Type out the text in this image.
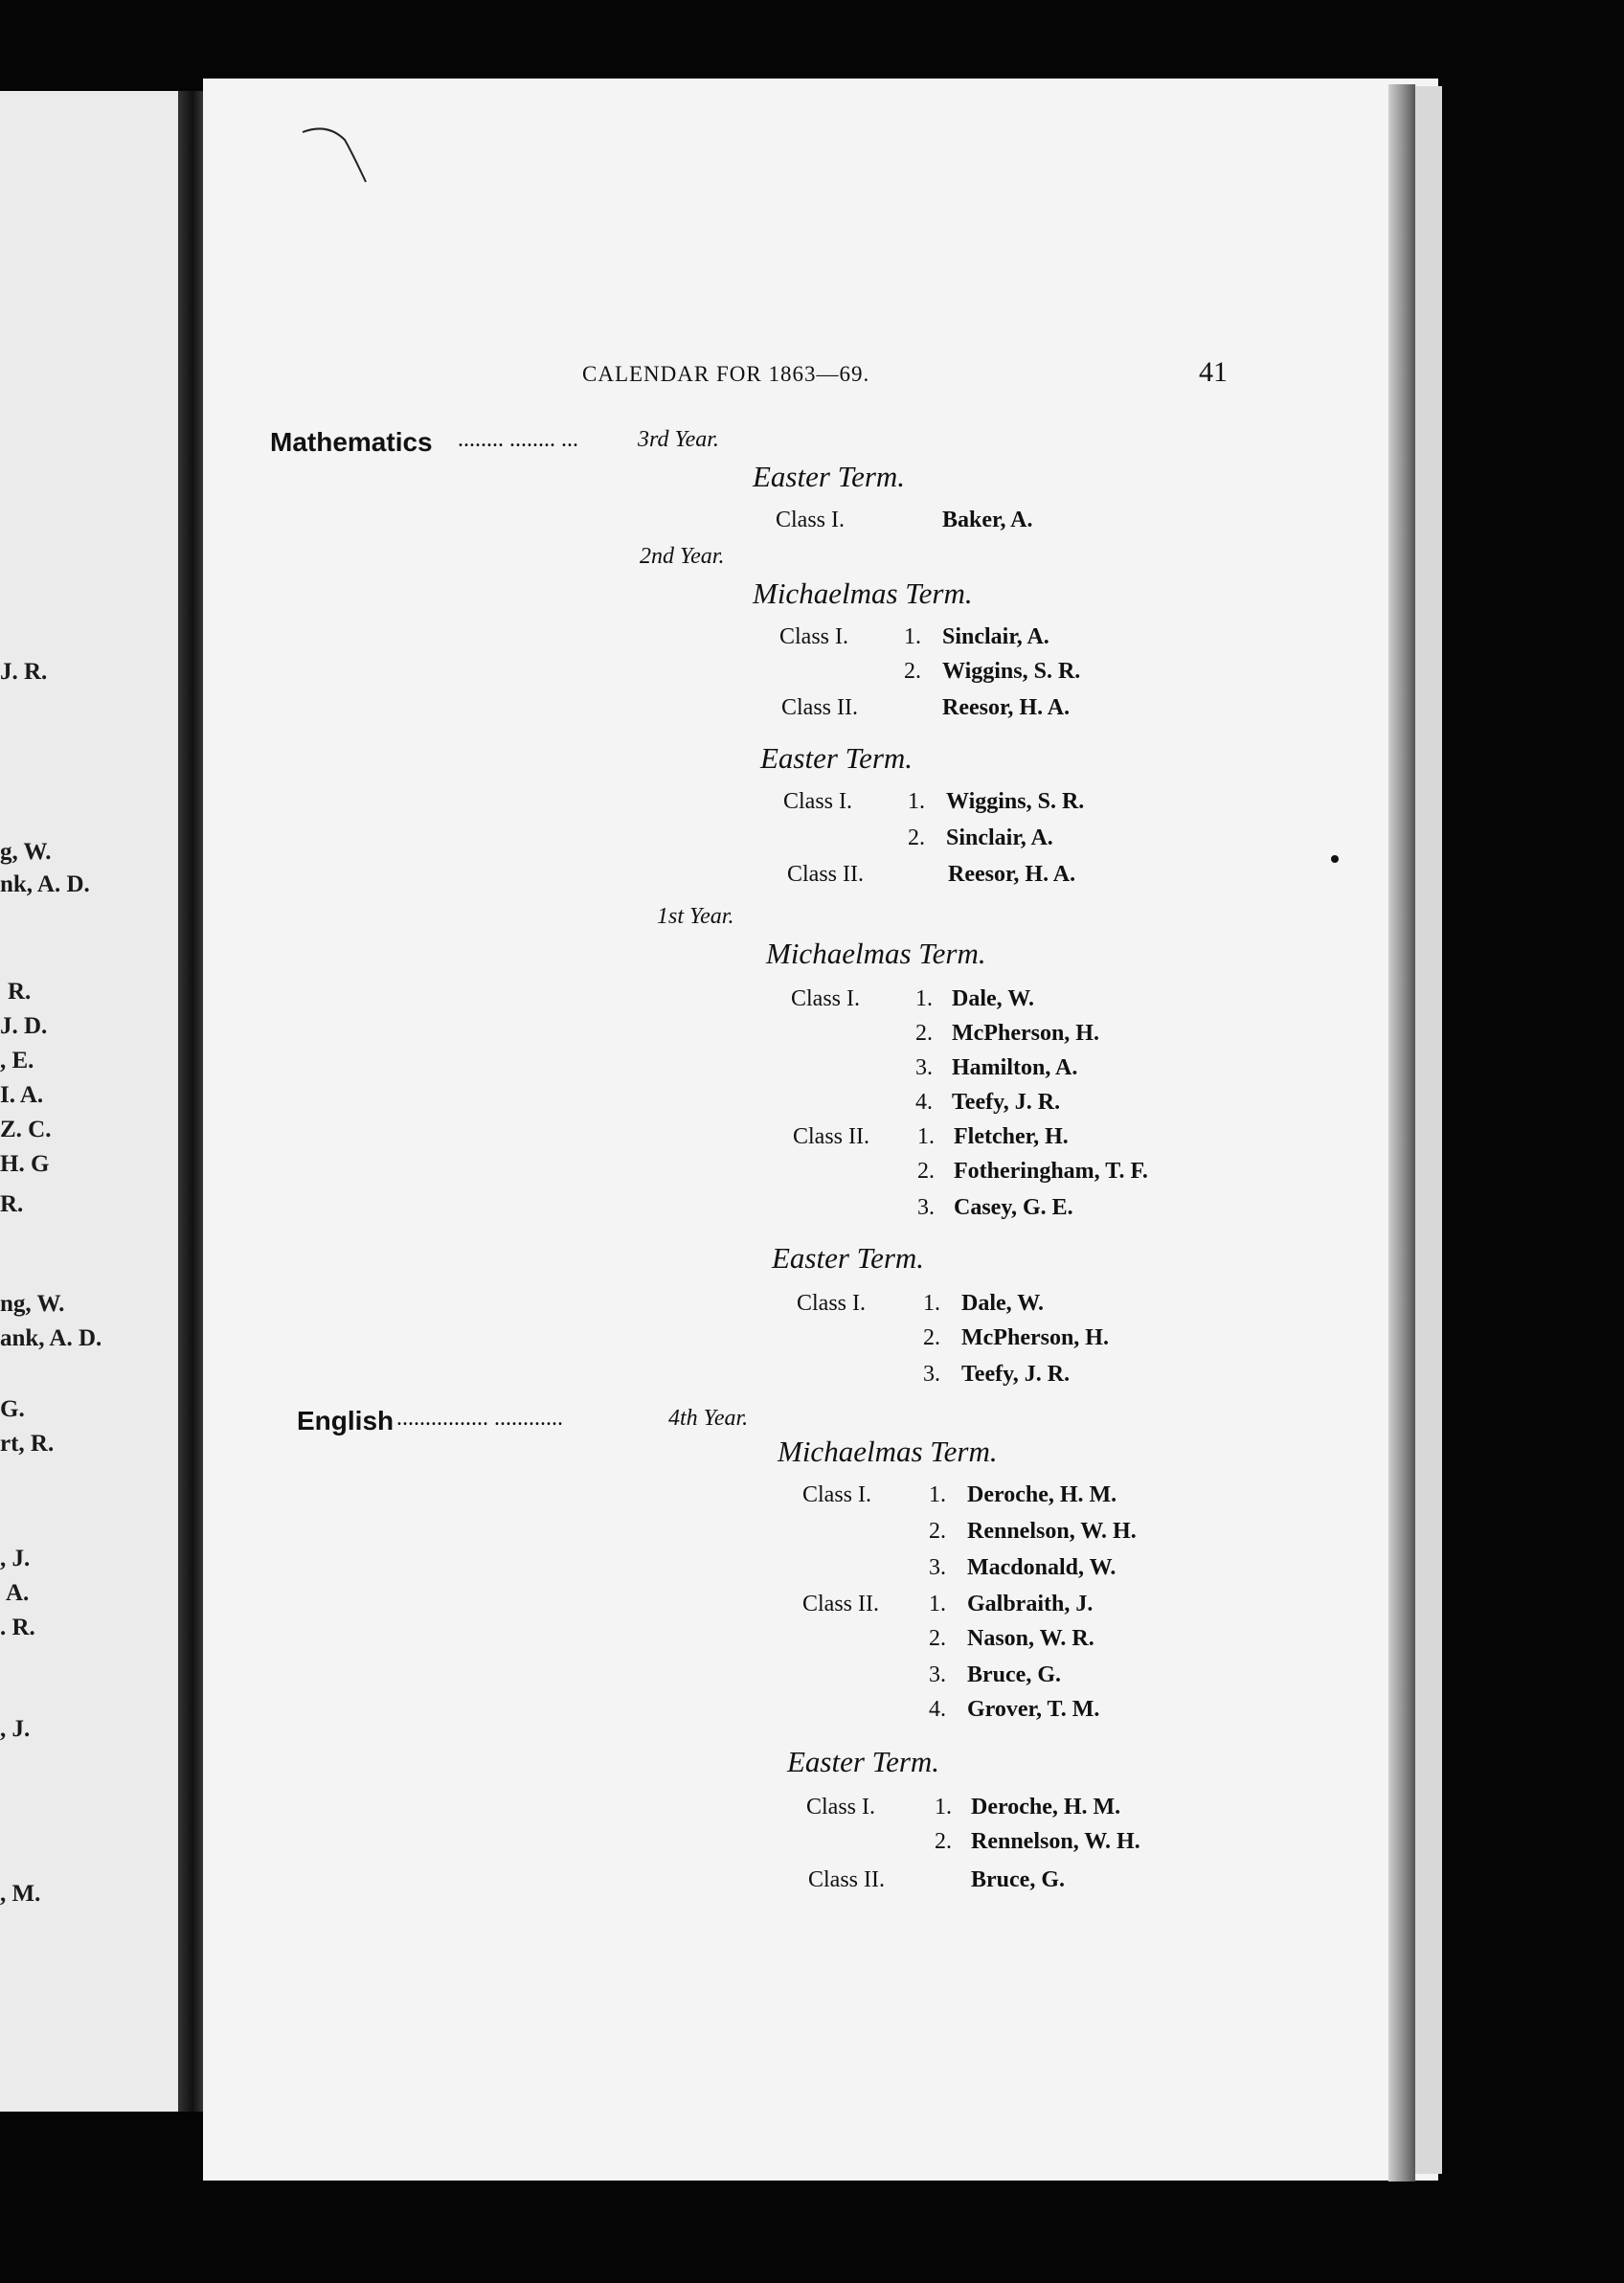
J. R.
g, W.
nk, A. D.
R.
J. D.
, E.
I. A.
Z. C.
H. G
R.
ng, W.
ank, A. D.
G.
rt, R.
, J.
A.
. R.
, J.
, M.
CALENDAR FOR 1863—69.	41
Mathematics ........ ........ ...	3rd Year.
Easter Term.
Class I.	Baker, A.
2nd Year.
Michaelmas Term.
Class I. 1. Sinclair, A.
2. Wiggins, S. R.
Class II.	Reesor, H. A.
Easter Term.
Class I. 1. Wiggins, S. R.
2. Sinclair, A.
Class II.	Reesor, H. A.
1st Year.
Michaelmas Term.
Class I. 1. Dale, W.
2. McPherson, H.
3. Hamilton, A.
4. Teefy, J. R.
Class II. 1. Fletcher, H.
2. Fotheringham, T. F.
3. Casey, G. E.
Easter Term.
Class I.	1. Dale, W.
2. McPherson, H.
3. Teefy, J. R.
English ................ ............	4th Year.
Michaelmas Term.
Class I.	1. Deroche, H. M.
2. Rennelson, W. H.
3. Macdonald, W.
Class II. 1. Galbraith, J.
2. Nason, W. R.
3. Bruce, G.
4. Grover, T. M.
Easter Term.
Class I.	1. Deroche, H. M.
2. Rennelson, W. H.
Class II.	Bruce, G.
